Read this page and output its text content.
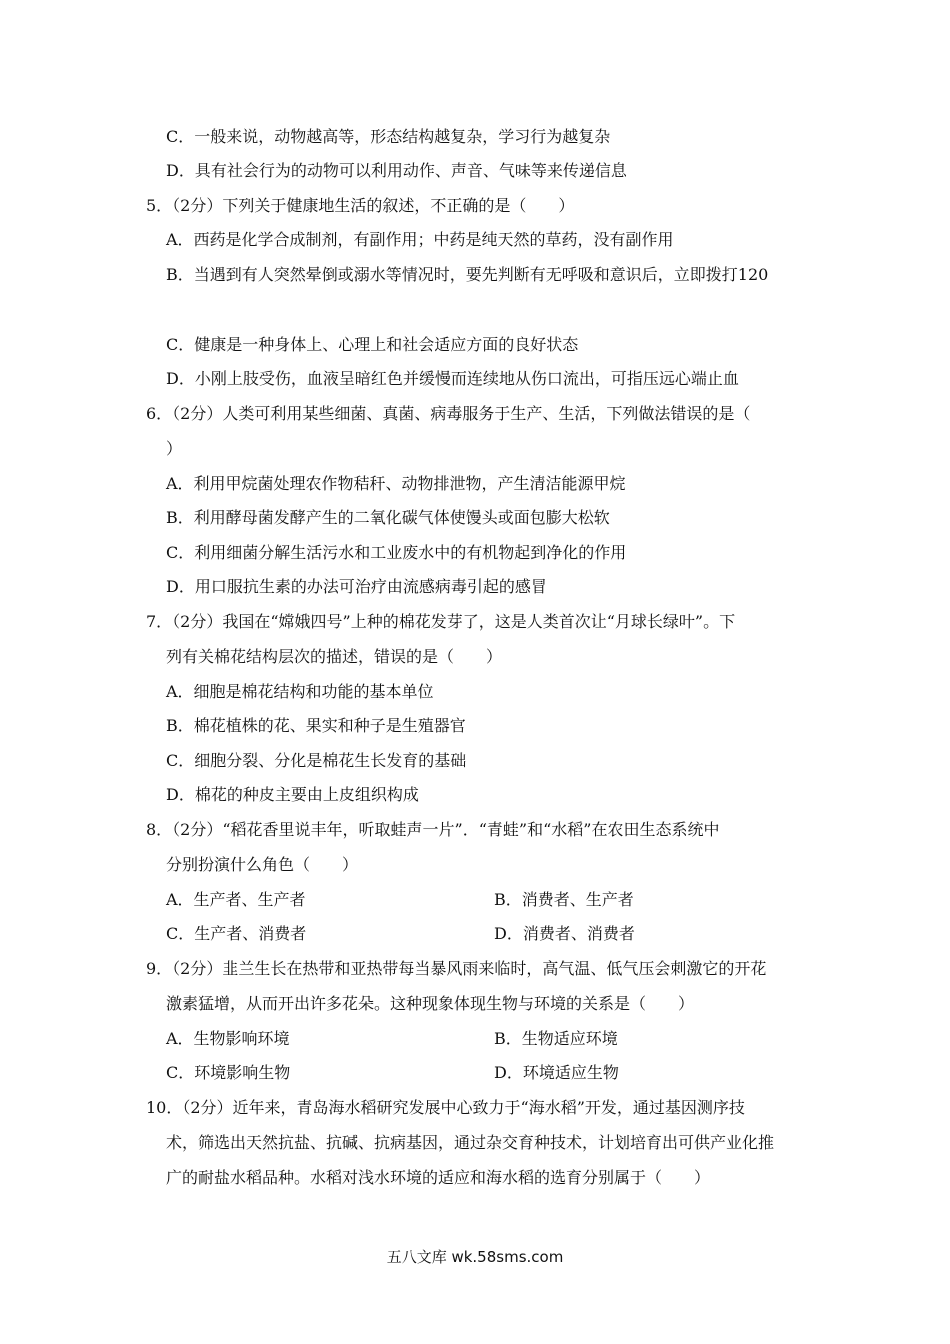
C．一般来说，动物越高等，形态结构越复杂，学习行为越复杂
D．具有社会行为的动物可以利用动作、声音、气味等来传递信息
5．（2分）下列关于健康地生活的叙述，不正确的是（　　）
A．西药是化学合成制剂，有副作用；中药是纯天然的草药，没有副作用
B．当遇到有人突然晕倒或溺水等情况时，要先判断有无呼吸和意识后，立即拨打120
C．健康是一种身体上、心理上和社会适应方面的良好状态
D．小刚上肢受伤，血液呈暗红色并缓慢而连续地从伤口流出，可指压远心端止血
6．（2分）人类可利用某些细菌、真菌、病毒服务于生产、生活，下列做法错误的是（
）
A．利用甲烷菌处理农作物秸秆、动物排泄物，产生清洁能源甲烷
B．利用酵母菌发酵产生的二氧化碳气体使馒头或面包膨大松软
C．利用细菌分解生活污水和工业废水中的有机物起到净化的作用
D．用口服抗生素的办法可治疗由流感病毒引起的感冒
7．（2分）我国在“嫦娥四号”上种的棉花发芽了，这是人类首次让“月球长绿叶”。下
列有关棉花结构层次的描述，错误的是（　　）
A．细胞是棉花结构和功能的基本单位
B．棉花植株的花、果实和种子是生殖器官
C．细胞分裂、分化是棉花生长发育的基础
D．棉花的种皮主要由上皮组织构成
8．（2分）“稻花香里说丰年，听取蛙声一片”．“青蛙”和“水稻”在农田生态系统中
分别扮演什么角色（　　）
A．生产者、生产者	B．消费者、生产者
C．生产者、消费者	D．消费者、消费者
9．（2分）韭兰生长在热带和亚热带每当暴风雨来临时，高气温、低气压会刺激它的开花
激素猛增，从而开出许多花朵。这种现象体现生物与环境的关系是（　　）
A．生物影响环境	B．生物适应环境
C．环境影响生物	D．环境适应生物
10．（2分）近年来，青岛海水稻研究发展中心致力于“海水稻”开发，通过基因测序技
术，筛选出天然抗盐、抗碱、抗病基因，通过杂交育种技术，计划培育出可供产业化推
广的耐盐水稻品种。水稻对浅水环境的适应和海水稻的选育分别属于（　　）
五八文库 wk.58sms.com
